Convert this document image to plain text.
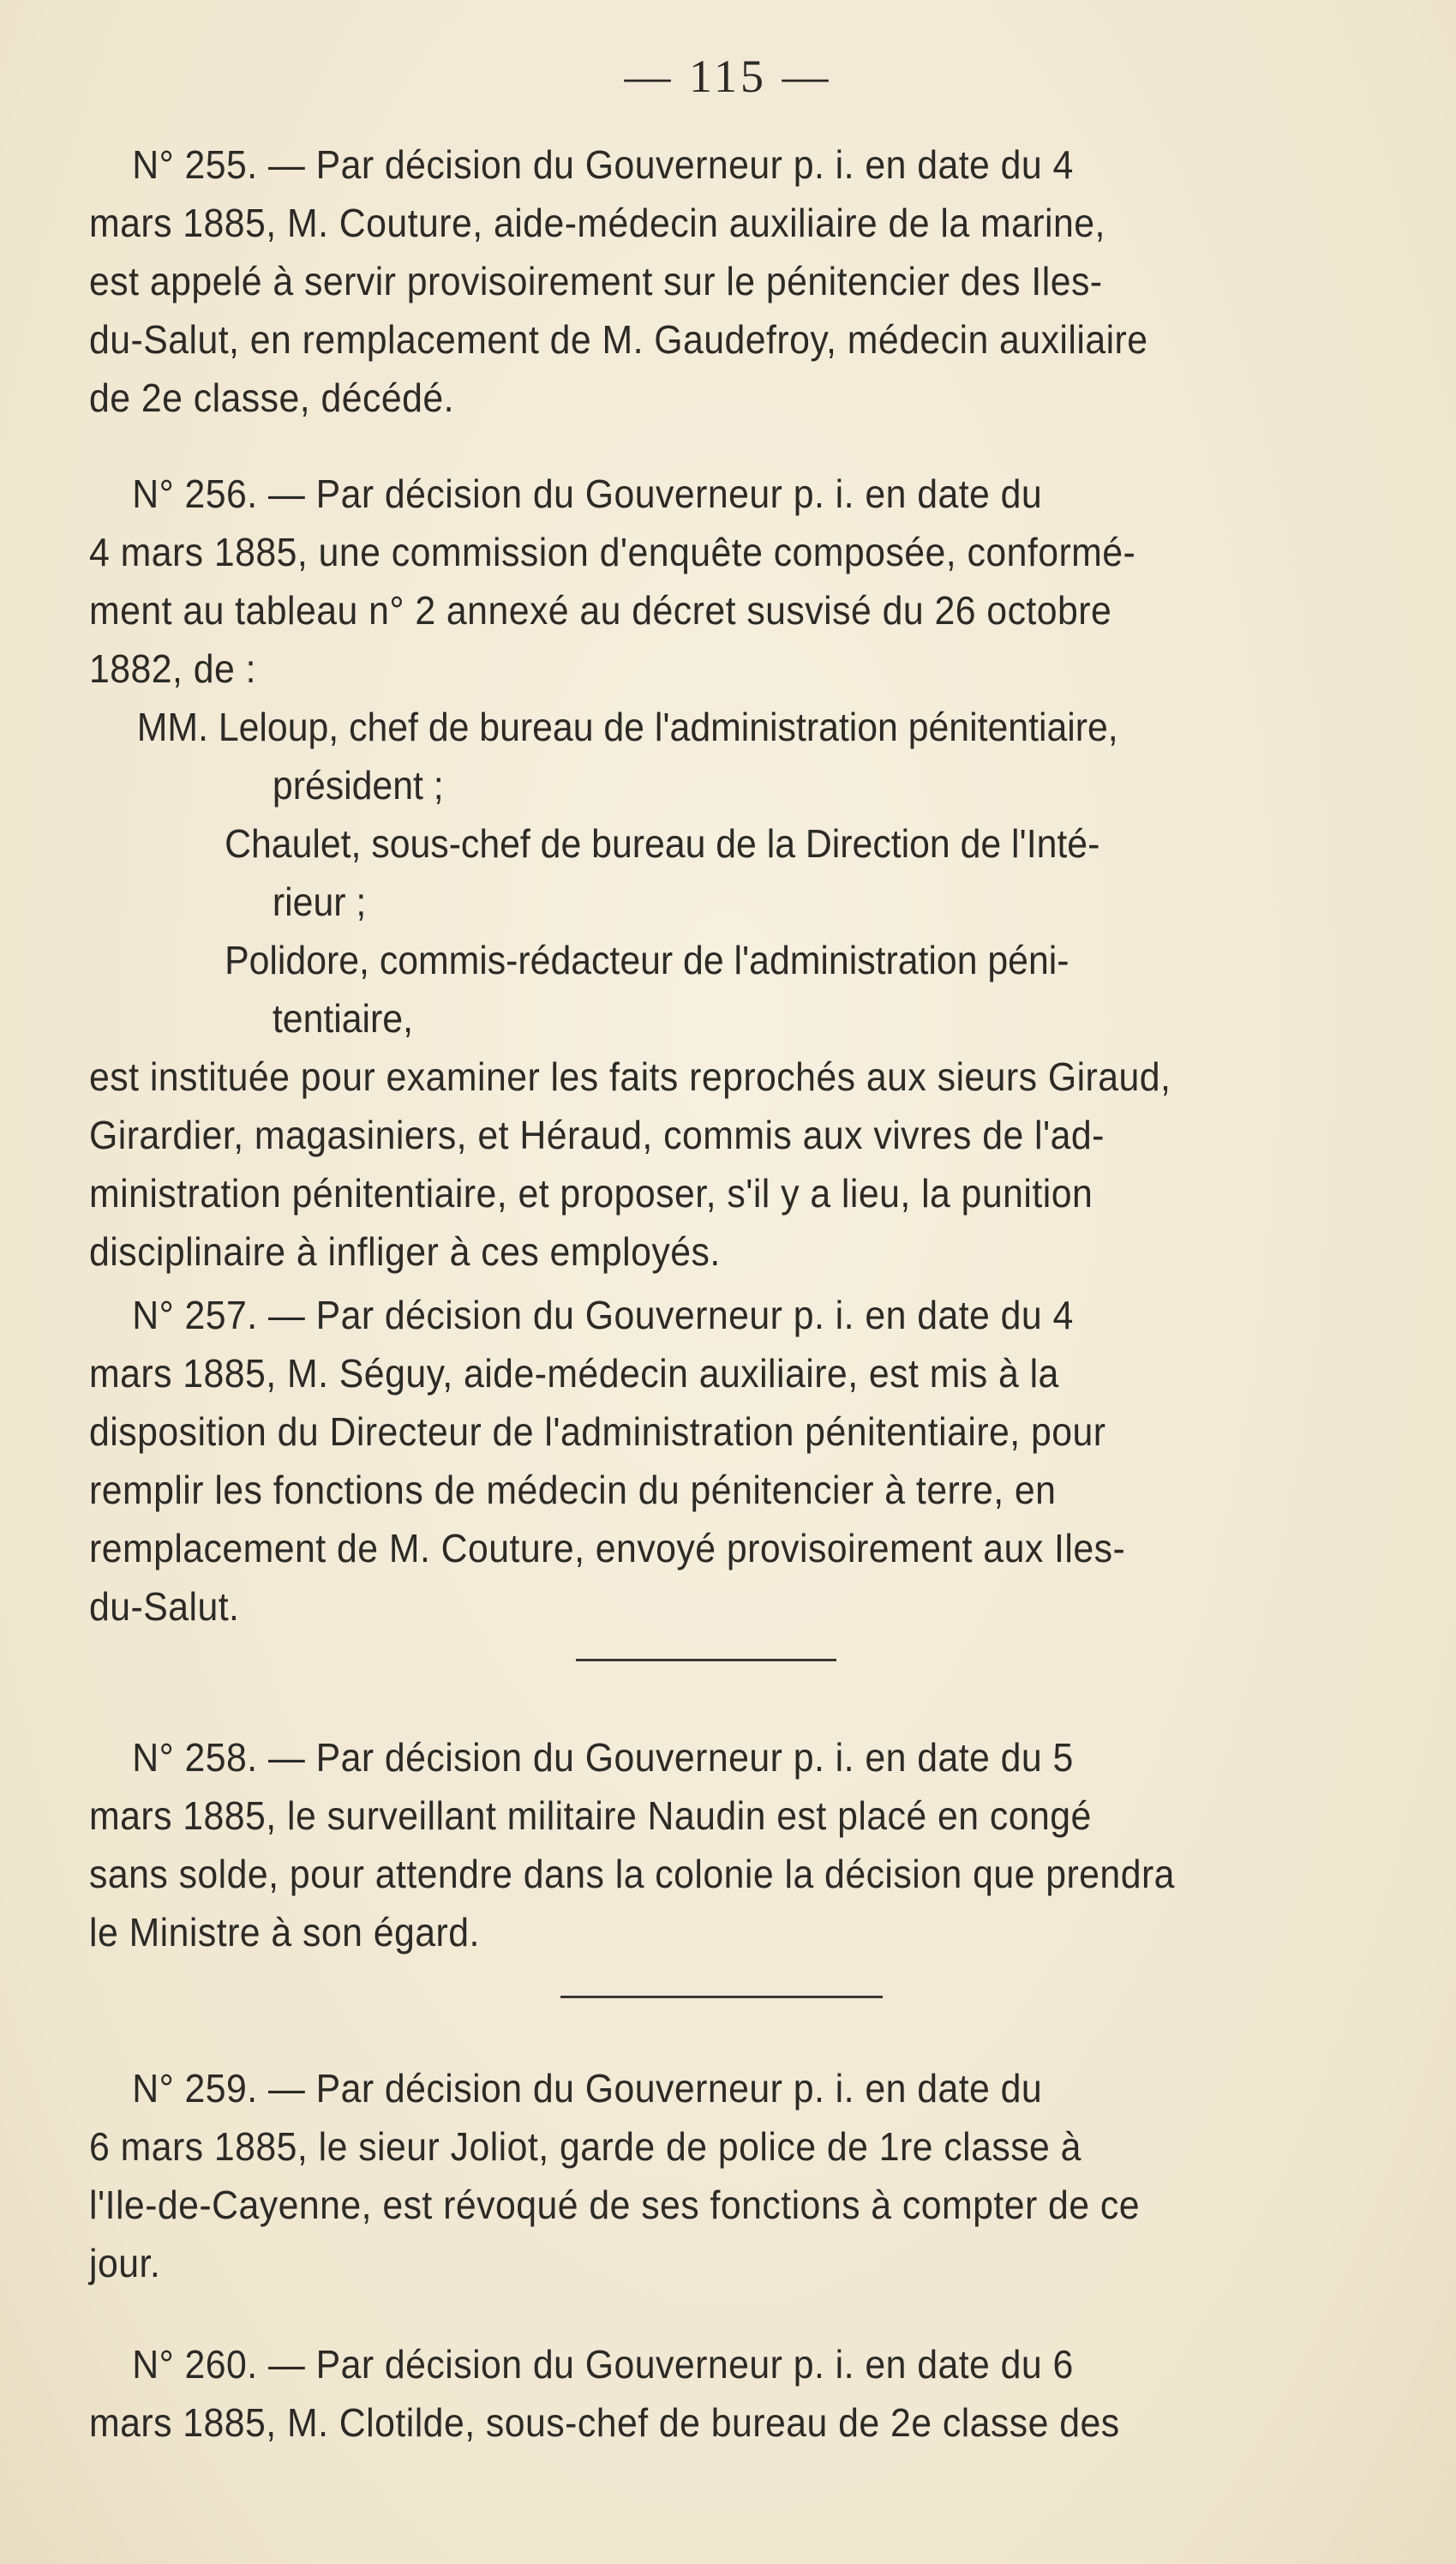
— 115 —
N° 255. — Par décision du Gouverneur p. i. en date du 4
mars 1885, M. Couture, aide-médecin auxiliaire de la marine,
est appelé à servir provisoirement sur le pénitencier des Iles-
du-Salut, en remplacement de M. Gaudefroy, médecin auxiliaire
de 2e classe, décédé.
N° 256. — Par décision du Gouverneur p. i. en date du
4 mars 1885, une commission d'enquête composée, conformé-
ment au tableau n° 2 annexé au décret susvisé du 26 octobre
1882, de :
MM. Leloup, chef de bureau de l'administration pénitentiaire,
président ;
Chaulet, sous-chef de bureau de la Direction de l'Inté-
rieur ;
Polidore, commis-rédacteur de l'administration péni-
tentiaire,
est instituée pour examiner les faits reprochés aux sieurs Giraud,
Girardier, magasiniers, et Héraud, commis aux vivres de l'ad-
ministration pénitentiaire, et proposer, s'il y a lieu, la punition
disciplinaire à infliger à ces employés.
N° 257. — Par décision du Gouverneur p. i. en date du 4
mars 1885, M. Séguy, aide-médecin auxiliaire, est mis à la
disposition du Directeur de l'administration pénitentiaire, pour
remplir les fonctions de médecin du pénitencier à terre, en
remplacement de M. Couture, envoyé provisoirement aux Iles-
du-Salut.
N° 258. — Par décision du Gouverneur p. i. en date du 5
mars 1885, le surveillant militaire Naudin est placé en congé
sans solde, pour attendre dans la colonie la décision que prendra
le Ministre à son égard.
N° 259. — Par décision du Gouverneur p. i. en date du
6 mars 1885, le sieur Joliot, garde de police de 1re classe à
l'Ile-de-Cayenne, est révoqué de ses fonctions à compter de ce
jour.
N° 260. — Par décision du Gouverneur p. i. en date du 6
mars 1885, M. Clotilde, sous-chef de bureau de 2e classe des
